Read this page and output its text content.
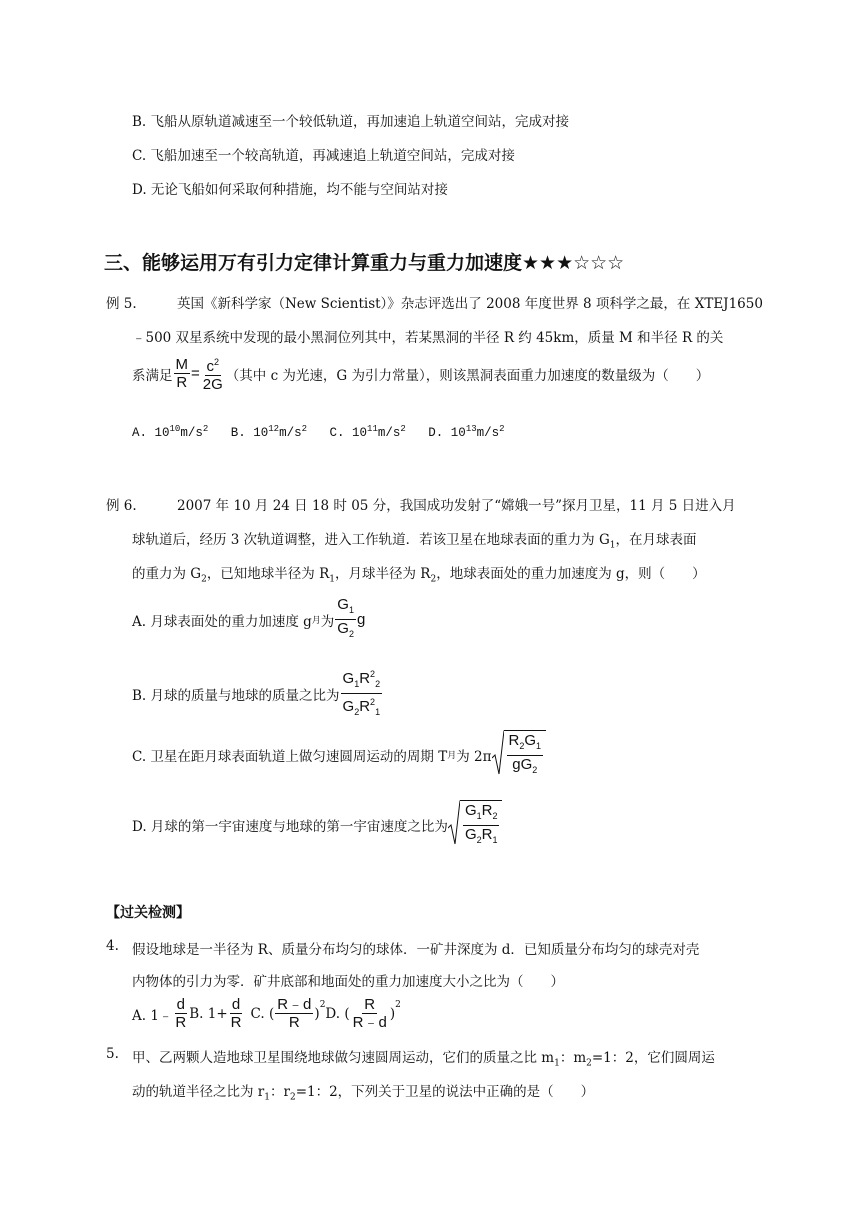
B. 飞船从原轨道减速至一个较低轨道，再加速追上轨道空间站，完成对接
C. 飞船加速至一个较高轨道，再减速追上轨道空间站，完成对接
D. 无论飞船如何采取何种措施，均不能与空间站对接
三、能够运用万有引力定律计算重力与重力加速度★★★☆☆☆
例 5.	英国《新科学家（New Scientist）》杂志评选出了 2008 年度世界 8 项科学之最，在 XTEJ1650
﹣500 双星系统中发现的最小黑洞位列其中，若某黑洞的半径 R 约 45km，质量 M 和半径 R 的关
系满足 $\frac{M}{R} = \frac{c^2}{2G}$ （其中 c 为光速，G 为引力常量），则该黑洞表面重力加速度的数量级为（　　）
A. $10^{10}m/s^2$ B. $10^{12}m/s^2$ C. $10^{11}m/s^2$ D. $10^{13}m/s^2$
例 6.	2007 年 10 月 24 日 18 时 05 分，我国成功发射了“嫦娥一号”探月卫星，11 月 5 日进入月
球轨道后，经历 3 次轨道调整，进入工作轨道．若该卫星在地球表面的重力为 $G_1$，在月球表面
的重力为 $G_2$，已知地球半径为 $R_1$，月球半径为 $R_2$，地球表面处的重力加速度为 g，则（　　）
A. 月球表面处的重力加速度 g 月 为 $\frac{G_1}{G_2}$ g
B. 月球的质量与地球的质量之比为 $\frac{G_1R^2_2}{G_2R^2_1}$
C. 卫星在距月球表面轨道上做匀速圆周运动的周期 T 月 为 $2\pi \frac{R_2G_1}{gG_2}$
D. 月球的第一宇宙速度与地球的第一宇宙速度之比为 $\frac{G_1R_2}{G_2R_1}$
【过关检测】
4. 假设地球是一半径为 R、质量分布均匀的球体．一矿井深度为 d．已知质量分布均匀的球壳对壳
内物体的引力为零．矿井底部和地面处的重力加速度大小之比为（　　）
A. 1﹣ $\frac{d}{R} B$. $1+ \frac{d}{R} C$. ( $\frac{R﹣d}{R}$ )
$^2$
D. ( $\frac{R}{R﹣d}$ )
$^2$
5. 甲、乙两颗人造地球卫星围绕地球做匀速圆周运动，它们的质量之比 $m_1$：$m_2=1$：2，它们圆周运
动的轨道半径之比为 $r_1$：$r_2=1$：2，下列关于卫星的说法中正确的是（　　）
